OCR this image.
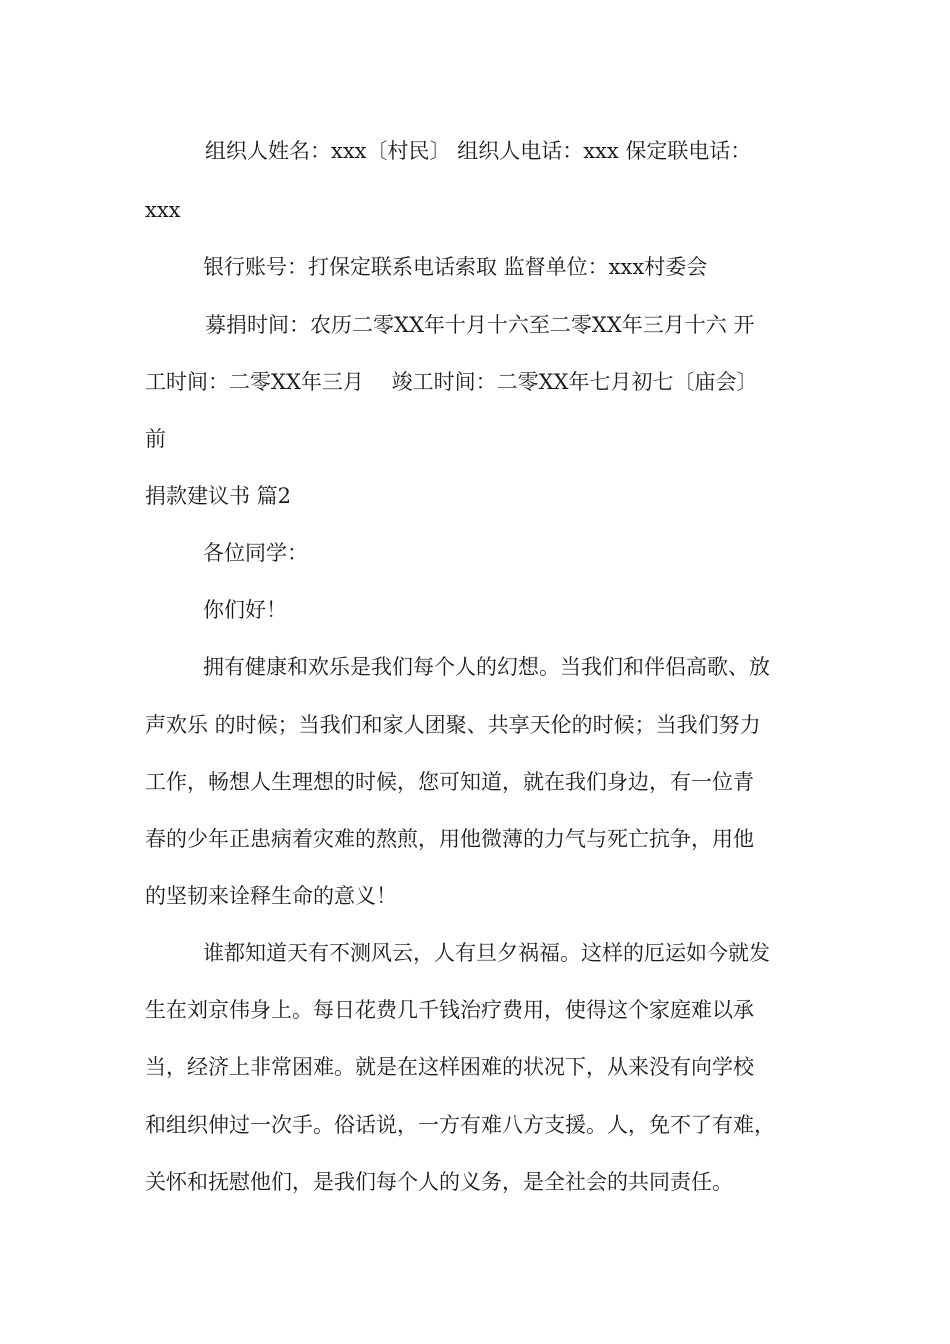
组织人姓名：xxx〔村民〕 组织人电话：xxx 保定联电话：
xxx
银行账号：打保定联系电话索取 监督单位：xxx村委会
募捐时间：农历二零XX年十月十六至二零XX年三月十六 开
工时间：二零XX年三月　 竣工时间：二零XX年七月初七〔庙会〕
前
捐款建议书 篇2
各位同学：
你们好！
拥有健康和欢乐是我们每个人的幻想。当我们和伴侣高歌、放
声欢乐 的时候；当我们和家人团聚、共享天伦的时候；当我们努力
工作，畅想人生理想的时候，您可知道，就在我们身边，有一位青
春的少年正患病着灾难的熬煎，用他微薄的力气与死亡抗争，用他
的坚韧来诠释生命的意义！
谁都知道天有不测风云，人有旦夕祸福。这样的厄运如今就发
生在刘京伟身上。每日花费几千钱治疗费用，使得这个家庭难以承
当，经济上非常困难。就是在这样困难的状况下，从来没有向学校
和组织伸过一次手。俗话说，一方有难八方支援。人，免不了有难，
关怀和抚慰他们，是我们每个人的义务，是全社会的共同责任。
